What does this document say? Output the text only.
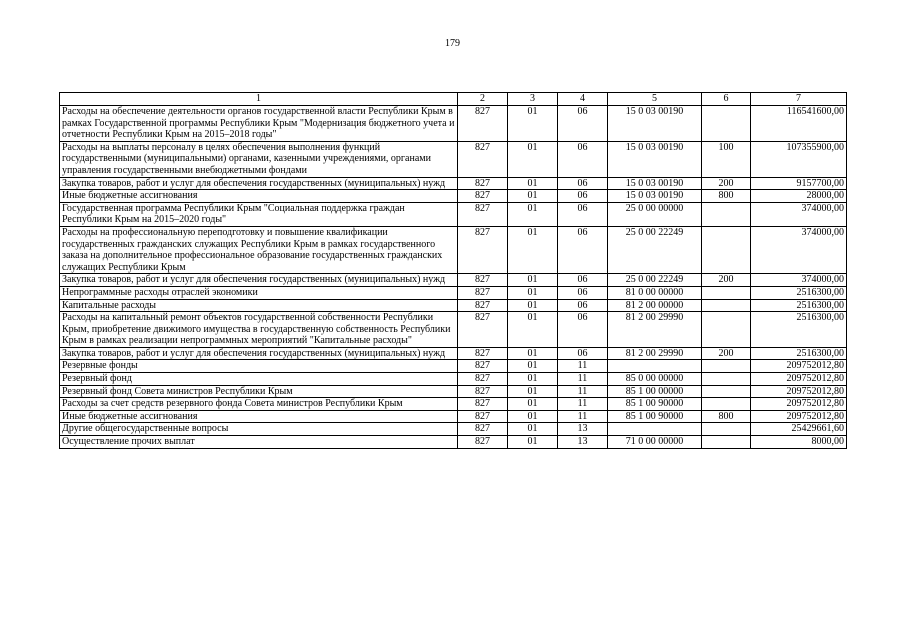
179
1	2	3	4	5	6	7
Расходы на обеспечение деятельности органов государственной власти Республики Крым в рамках Государственной программы Республики Крым "Модернизация бюджетного учета и отчетности Республики Крым на 2015–2018 годы"	827	01	06	15 0 03 00190		116541600,00
Расходы на выплаты персоналу в целях обеспечения выполнения функций государственными (муниципальными) органами, казенными учреждениями, органами управления государственными внебюджетными фондами	827	01	06	15 0 03 00190	100	107355900,00
Закупка товаров, работ и услуг для обеспечения государственных (муниципальных) нужд	827	01	06	15 0 03 00190	200	9157700,00
Иные бюджетные ассигнования	827	01	06	15 0 03 00190	800	28000,00
Государственная программа Республики Крым "Социальная поддержка граждан Республики Крым на 2015–2020 годы"	827	01	06	25 0 00 00000		374000,00
Расходы на профессиональную переподготовку и повышение квалификации государственных гражданских служащих Республики Крым в рамках государственного заказа на дополнительное профессиональное образование государственных гражданских служащих Республики Крым	827	01	06	25 0 00 22249		374000,00
Закупка товаров, работ и услуг для обеспечения государственных (муниципальных) нужд	827	01	06	25 0 00 22249	200	374000,00
Непрограммные расходы отраслей экономики	827	01	06	81 0 00 00000		2516300,00
Капитальные расходы	827	01	06	81 2 00 00000		2516300,00
Расходы на капитальный ремонт объектов государственной собственности Республики Крым, приобретение движимого имущества в государственную собственность Республики Крым в рамках реализации непрограммных мероприятий "Капитальные расходы"	827	01	06	81 2 00 29990		2516300,00
Закупка товаров, работ и услуг для обеспечения государственных (муниципальных) нужд	827	01	06	81 2 00 29990	200	2516300,00
Резервные фонды	827	01	11			209752012,80
Резервный фонд	827	01	11	85 0 00 00000		209752012,80
Резервный фонд Совета министров Республики Крым	827	01	11	85 1 00 00000		209752012,80
Расходы за счет средств резервного фонда Совета министров Республики Крым	827	01	11	85 1 00 90000		209752012,80
Иные бюджетные ассигнования	827	01	11	85 1 00 90000	800	209752012,80
Другие общегосударственные вопросы	827	01	13			25429661,60
Осуществление прочих выплат	827	01	13	71 0 00 00000		8000,00
